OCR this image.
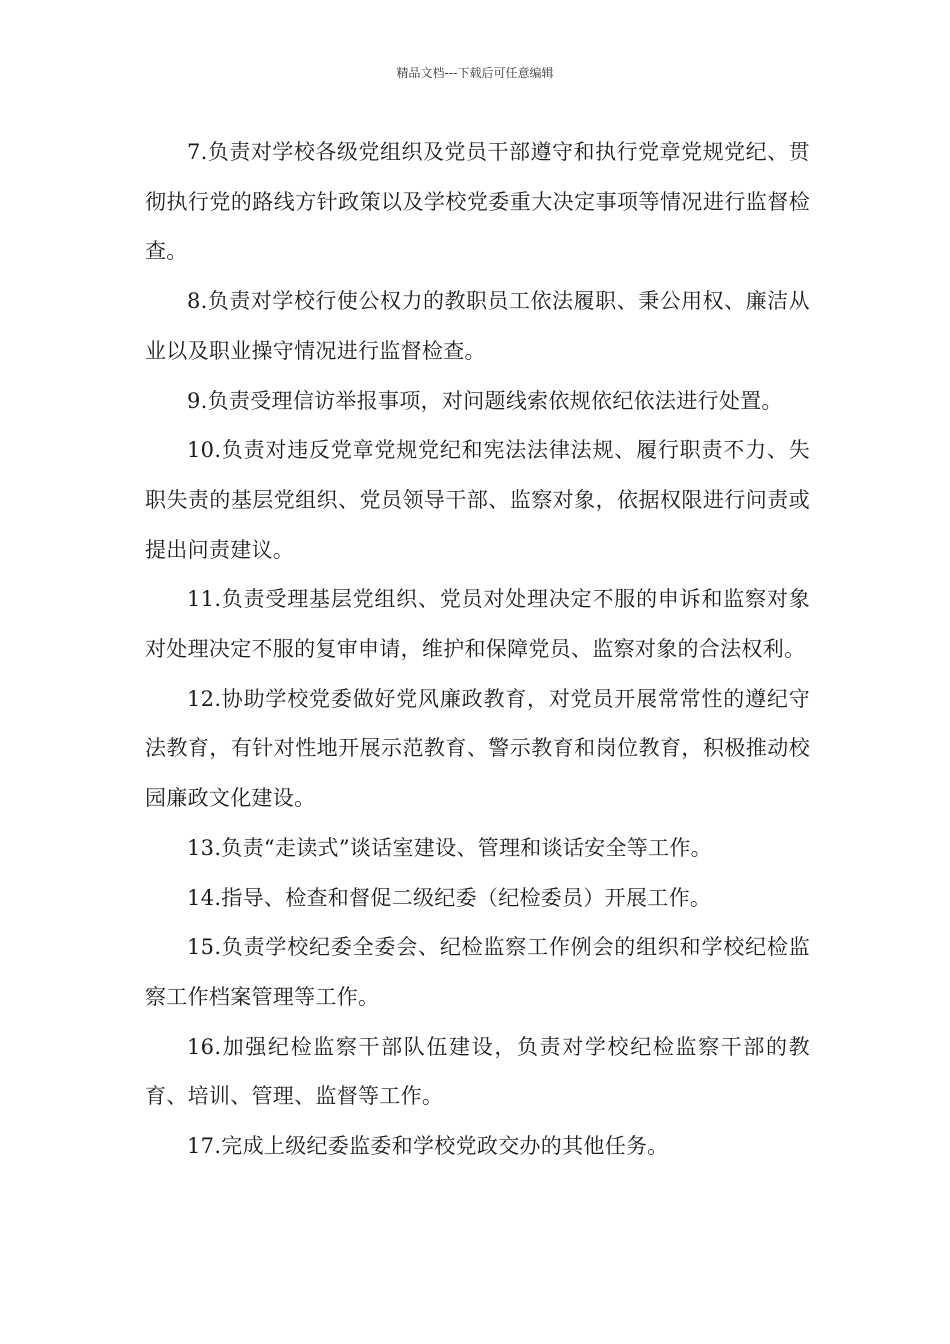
精品文档---下载后可任意编辑

7.负责对学校各级党组织及党员干部遵守和执行党章党规党纪、贯彻执行党的路线方针政策以及学校党委重大决定事项等情况进行监督检查。

8.负责对学校行使公权力的教职员工依法履职、秉公用权、廉洁从业以及职业操守情况进行监督检查。

9.负责受理信访举报事项，对问题线索依规依纪依法进行处置。

10.负责对违反党章党规党纪和宪法法律法规、履行职责不力、失职失责的基层党组织、党员领导干部、监察对象，依据权限进行问责或提出问责建议。

11.负责受理基层党组织、党员对处理决定不服的申诉和监察对象对处理决定不服的复审申请，维护和保障党员、监察对象的合法权利。

12.协助学校党委做好党风廉政教育，对党员开展常常性的遵纪守法教育，有针对性地开展示范教育、警示教育和岗位教育，积极推动校园廉政文化建设。

13.负责“走读式”谈话室建设、管理和谈话安全等工作。

14.指导、检查和督促二级纪委（纪检委员）开展工作。

15.负责学校纪委全委会、纪检监察工作例会的组织和学校纪检监察工作档案管理等工作。

16.加强纪检监察干部队伍建设，负责对学校纪检监察干部的教育、培训、管理、监督等工作。

17.完成上级纪委监委和学校党政交办的其他任务。
